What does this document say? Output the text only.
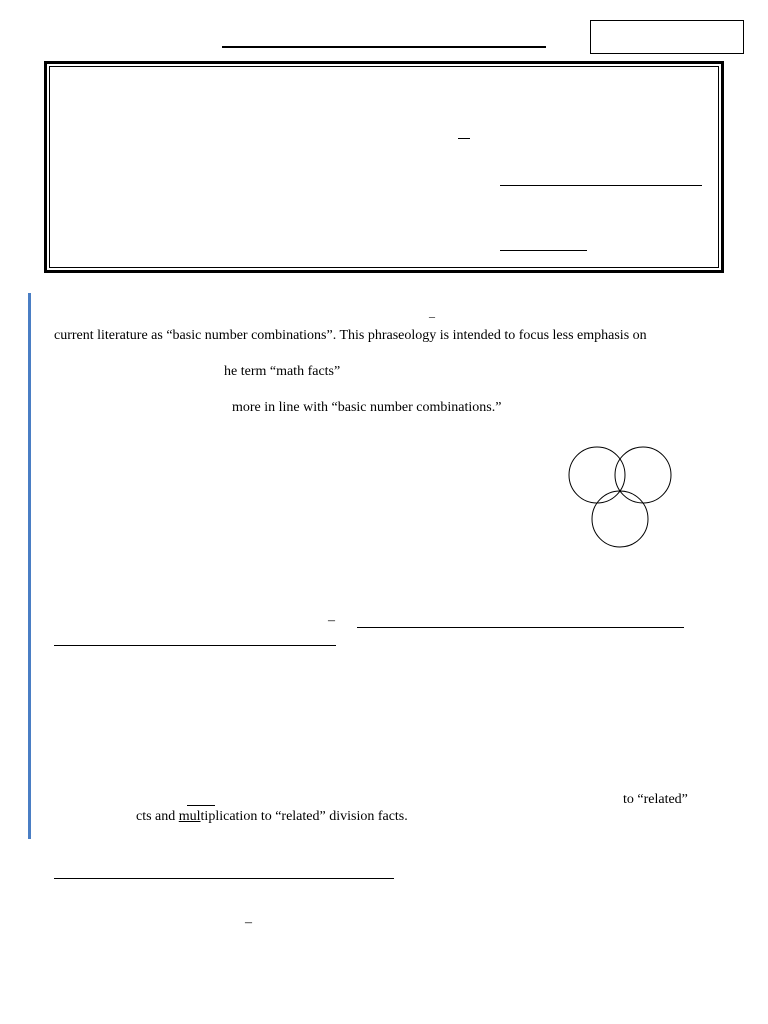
_
current literature as “basic number combinations”. This phraseology is intended to focus less emphasis on
he term “math facts”
more in line with “basic number combinations.”
–
to “related”
cts and multiplication to “related” division facts.
–
